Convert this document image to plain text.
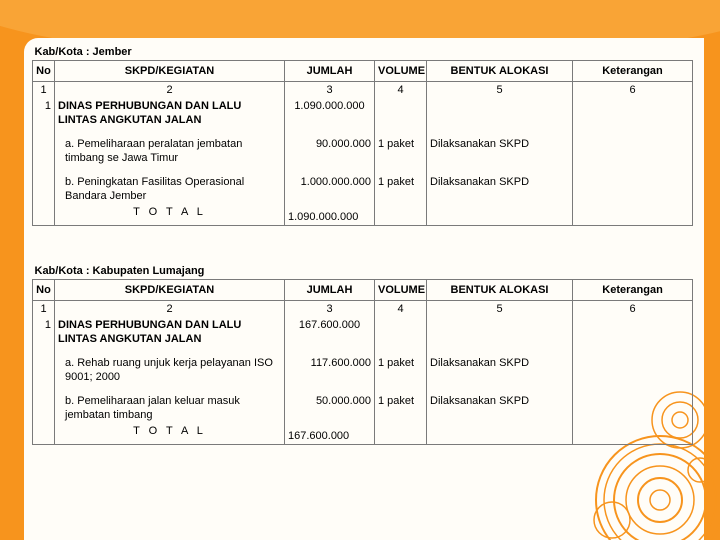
Kab/Kota : Jember					
No	SKPD/KEGIATAN	JUMLAH	VOLUME	BENTUK ALOKASI	Keterangan
1	2	3	4	5	6
1	DINAS PERHUBUNGAN DAN LALU LINTAS ANGKUTAN JALAN	1.090.000.000			

	a. Pemeliharaan peralatan jembatan timbang se Jawa Timur	90.000.000	1 paket	Dilaksanakan SKPD	

	b. Peningkatan Fasilitas Operasional Bandara Jember	1.000.000.000	1 paket	Dilaksanakan SKPD	
	T O T A L	1.090.000.000			
Kab/Kota : Kabupaten Lumajang					
No	SKPD/KEGIATAN	JUMLAH	VOLUME	BENTUK ALOKASI	Keterangan
1	2	3	4	5	6
1	DINAS PERHUBUNGAN DAN LALU LINTAS ANGKUTAN JALAN	167.600.000			

	a. Rehab ruang unjuk kerja pelayanan ISO 9001; 2000	117.600.000	1 paket	Dilaksanakan SKPD	

	b. Pemeliharaan jalan keluar masuk jembatan timbang	50.000.000	1 paket	Dilaksanakan SKPD	
	T O T A L	167.600.000			
